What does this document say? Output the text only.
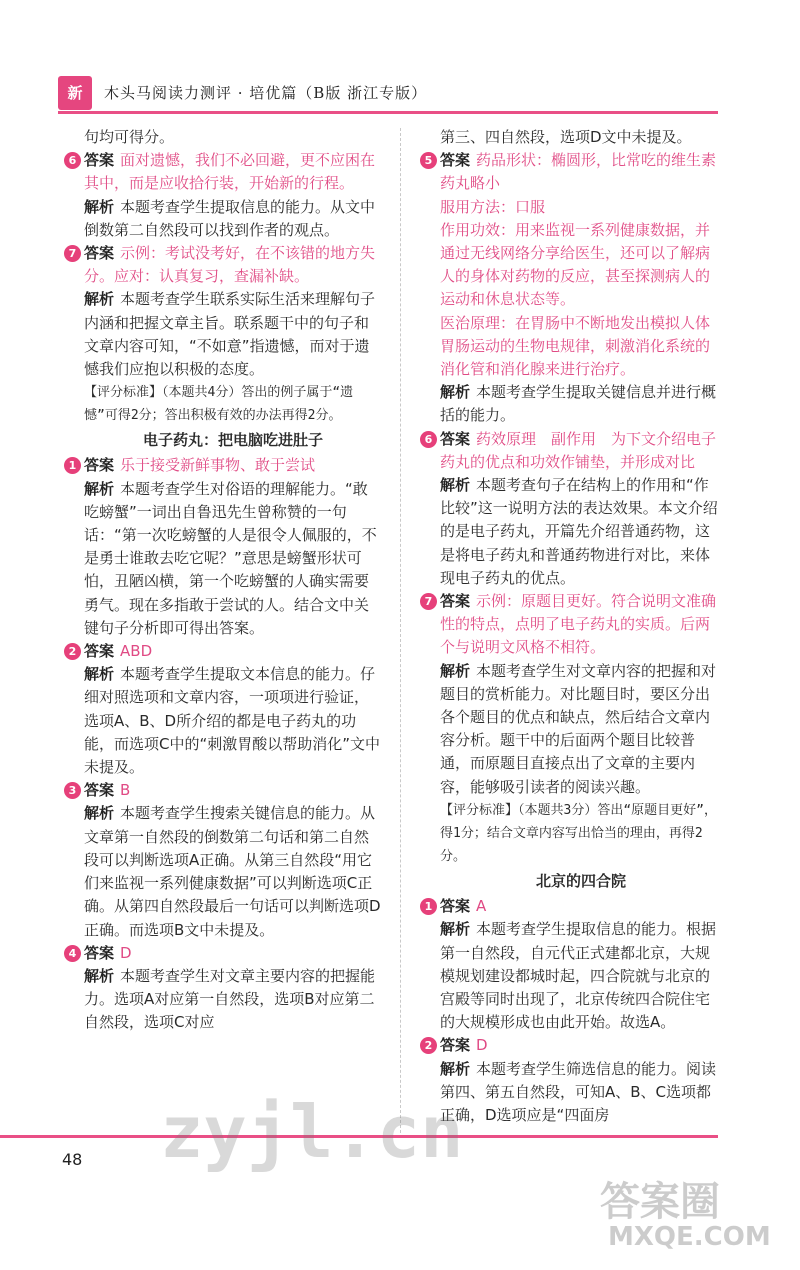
新	木头马阅读力测评 · 培优篇（B版 浙江专版）

句均可得分。

6 答案 面对遗憾，我们不必回避，更不应困在其中，而是应收拾行装，开始新的行程。

解析 本题考查学生提取信息的能力。从文中倒数第二自然段可以找到作者的观点。

7 答案 示例：考试没考好，在不该错的地方失分。应对：认真复习，查漏补缺。

解析 本题考查学生联系实际生活来理解句子内涵和把握文章主旨。联系题干中的句子和文章内容可知，“不如意”指遗憾，而对于遗憾我们应抱以积极的态度。

【评分标准】（本题共4分）答出的例子属于“遗憾”可得2分；答出积极有效的办法再得2分。

电子药丸：把电脑吃进肚子

1 答案 乐于接受新鲜事物、敢于尝试

解析 本题考查学生对俗语的理解能力。“敢吃螃蟹”一词出自鲁迅先生曾称赞的一句话：“第一次吃螃蟹的人是很令人佩服的，不是勇士谁敢去吃它呢？”意思是螃蟹形状可怕，丑陋凶横，第一个吃螃蟹的人确实需要勇气。现在多指敢于尝试的人。结合文中关键句子分析即可得出答案。

2 答案 ABD

解析 本题考查学生提取文本信息的能力。仔细对照选项和文章内容，一项项进行验证，选项A、B、D所介绍的都是电子药丸的功能，而选项C中的“刺激胃酸以帮助消化”文中未提及。

3 答案 B

解析 本题考查学生搜索关键信息的能力。从文章第一自然段的倒数第二句话和第二自然段可以判断选项A正确。从第三自然段“用它们来监视一系列健康数据”可以判断选项C正确。从第四自然段最后一句话可以判断选项D正确。而选项B文中未提及。

4 答案 D

解析 本题考查学生对文章主要内容的把握能力。选项A对应第一自然段，选项B对应第二自然段，选项C对应

第三、四自然段，选项D文中未提及。

5 答案 药品形状：椭圆形，比常吃的维生素药丸略小

服用方法：口服

作用功效：用来监视一系列健康数据，并通过无线网络分享给医生，还可以了解病人的身体对药物的反应，甚至探测病人的运动和休息状态等。

医治原理：在胃肠中不断地发出模拟人体胃肠运动的生物电规律，刺激消化系统的消化管和消化腺来进行治疗。

解析 本题考查学生提取关键信息并进行概括的能力。

6 答案 药效原理　副作用　为下文介绍电子药丸的优点和功效作铺垫，并形成对比

解析 本题考查句子在结构上的作用和“作比较”这一说明方法的表达效果。本文介绍的是电子药丸，开篇先介绍普通药物，这是将电子药丸和普通药物进行对比，来体现电子药丸的优点。

7 答案 示例：原题目更好。符合说明文准确性的特点，点明了电子药丸的实质。后两个与说明文风格不相符。

解析 本题考查学生对文章内容的把握和对题目的赏析能力。对比题目时，要区分出各个题目的优点和缺点，然后结合文章内容分析。题干中的后面两个题目比较普通，而原题目直接点出了文章的主要内容，能够吸引读者的阅读兴趣。

【评分标准】（本题共3分）答出“原题目更好”，得1分；结合文章内容写出恰当的理由，再得2分。

北京的四合院

1 答案 A

解析 本题考查学生提取信息的能力。根据第一自然段，自元代正式建都北京，大规模规划建设都城时起，四合院就与北京的宫殿等同时出现了，北京传统四合院住宅的大规模形成也由此开始。故选A。

2 答案 D

解析 本题考查学生筛选信息的能力。阅读第四、第五自然段，可知A、B、C选项都正确，D选项应是“四面房

48 zyjl.cn
答案圈
MXQE.COM
